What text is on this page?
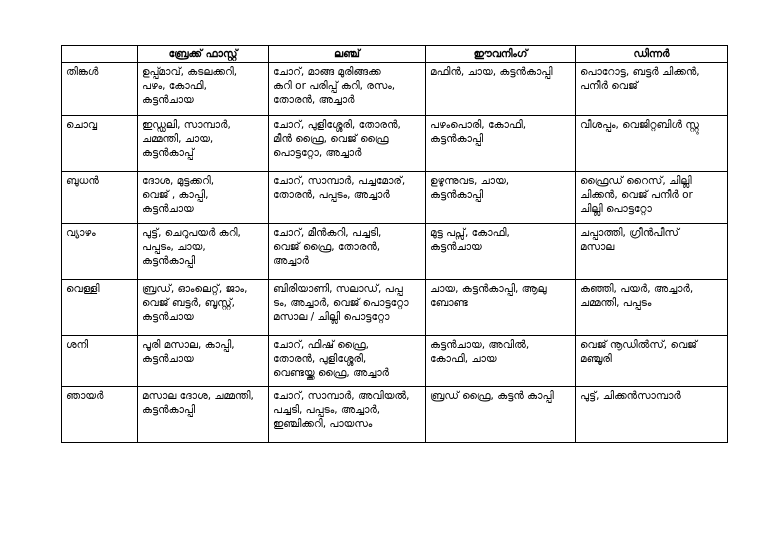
	ബ്രേക്ക് ഫാസ്റ്റ്	ലഞ്ച്	ഈവനിംഗ്	ഡിന്നർ

തിങ്കൾ	ഉപ്പ്മാവ്, കടലക്കറി,
പഴം, കോഫി,
കട്ടൻചായ	ചോറ്, മാങ്ങ മുരിങ്ങക്ക
കറി or പരിപ്പ് കറി, രസം,
തോരൻ, അച്ചാർ	മഫിൻ, ചായ, കട്ടൻകാപ്പി	പൊറോട്ട, ബട്ടർ ചിക്കൻ,
പനീർ വെജ്

ചൊവ്വ	ഇഡ്ഡലി, സാമ്പാർ,
ചമ്മന്തി, ചായ,
കട്ടൻകാപ്പ്	ചോറ്, പുളിശ്ശേരി, തോരൻ,
മീൻ ഫ്രൈ, വെജ് ഫ്രൈ
പൊട്ടറ്റോ, അച്ചാർ	പഴംപൊരി, കോഫി,
കട്ടൻകാപ്പി	വീശപ്പം, വെജിറ്റബിൾ സ്റ്റു

ബുധൻ	ദോശ, മുട്ടക്കറി,
വെജ് , കാപ്പി,
കട്ടൻചായ	ചോറ്, സാമ്പാർ, പച്ചമോര്,
തോരൻ, പപ്പടം, അച്ചാർ	ഉഴുന്നുവട, ചായ,
കട്ടൻകാപ്പി	ഫ്രൈഡ് റൈസ്, ചില്ലി
ചിക്കൻ, വെജ് പനീർ or
ചില്ലി പൊട്ടറ്റോ

വ്യാഴം	പുട്ട്, ചെറുപയർ കറി,
പപ്പടം, ചായ,
കട്ടൻകാപ്പി	ചോറ്, മീൻകറി, പച്ചടി,
വെജ് ഫ്രൈ, തോരൻ,
അച്ചാർ	മുട്ട പപ്സ്, കോഫി,
കട്ടൻചായ	ചപ്പാത്തി, ഗ്രീൻപീസ്
മസാല

വെള്ളി	ബ്രഡ്, ഓംലെറ്റ്, ജാം,
വെജ് ബട്ടർ, ബൂസ്റ്റ്,
കട്ടൻചായ	ബിരിയാണി, സലാഡ്, പപ്പ
ടം, അച്ചാർ, വെജ് പൊട്ടറ്റോ
മസാല / ചില്ലി പൊട്ടറ്റോ	ചായ, കട്ടൻകാപ്പി, ആലു
ബോണ്ട	കഞ്ഞി, പയർ, അച്ചാർ,
ചമ്മന്തി, പപ്പടം

ശനി	പൂരി മസാല, കാപ്പി,
കട്ടൻചായ	ചോറ്, ഫിഷ് ഫ്രൈ,
തോരൻ, പുളിശ്ശേരി,
വെണ്ടയ്ക്ക ഫ്രൈ, അച്ചാർ	കട്ടൻചായ, അവിൽ,
കോഫി, ചായ	വെജ് നൂഡിൽസ്, വെജ്
മഞ്ചൂരി

ഞായർ	മസാല ദോശ, ചമ്മന്തി,
കട്ടൻകാപ്പി	ചോറ്, സാമ്പാർ, അവിയൽ,
പച്ചടി, പപ്പടം, അച്ചാർ,
ഇഞ്ചിക്കറി, പായസം	ബ്രഡ് ഫ്രൈ, കട്ടൻ കാപ്പി	പുട്ട്, ചിക്കൻസാമ്പാർ
